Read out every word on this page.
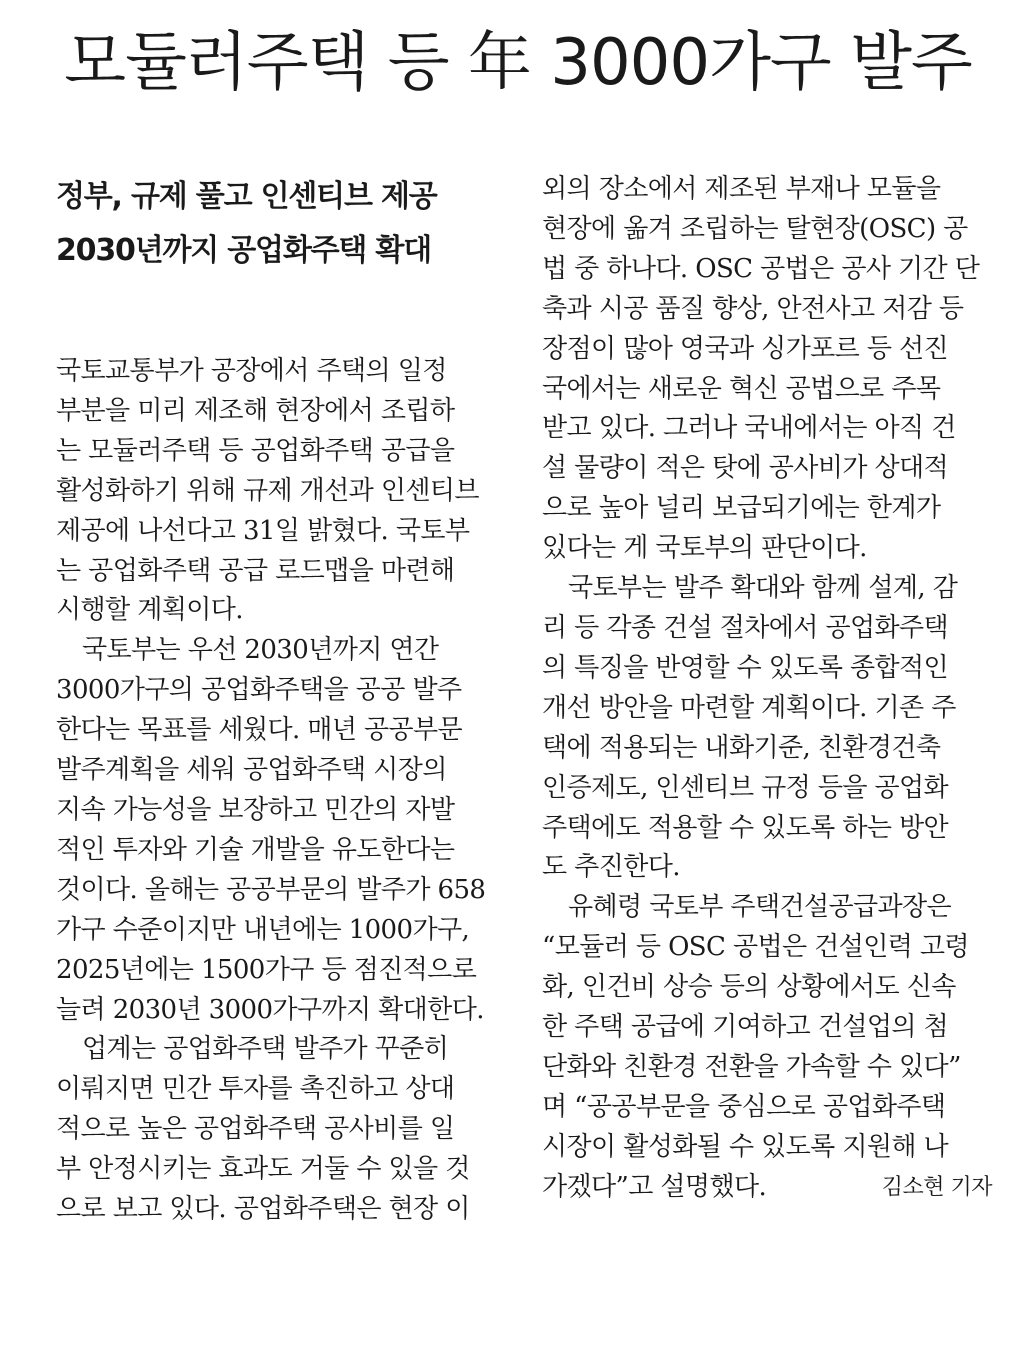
모듈러주택 등 年 3000가구 발주
정부, 규제 풀고 인센티브 제공
2030년까지 공업화주택 확대

국토교통부가 공장에서 주택의 일정
부분을 미리 제조해 현장에서 조립하
는 모듈러주택 등 공업화주택 공급을
활성화하기 위해 규제 개선과 인센티브
제공에 나선다고 31일 밝혔다. 국토부
는 공업화주택 공급 로드맵을 마련해
시행할 계획이다.

국토부는 우선 2030년까지 연간
3000가구의 공업화주택을 공공 발주
한다는 목표를 세웠다. 매년 공공부문
발주계획을 세워 공업화주택 시장의
지속 가능성을 보장하고 민간의 자발
적인 투자와 기술 개발을 유도한다는
것이다. 올해는 공공부문의 발주가 658
가구 수준이지만 내년에는 1000가구,
2025년에는 1500가구 등 점진적으로
늘려 2030년 3000가구까지 확대한다.

업계는 공업화주택 발주가 꾸준히
이뤄지면 민간 투자를 촉진하고 상대
적으로 높은 공업화주택 공사비를 일
부 안정시키는 효과도 거둘 수 있을 것
으로 보고 있다. 공업화주택은 현장 이

외의 장소에서 제조된 부재나 모듈을
현장에 옮겨 조립하는 탈현장(OSC) 공
법 중 하나다. OSC 공법은 공사 기간 단
축과 시공 품질 향상, 안전사고 저감 등
장점이 많아 영국과 싱가포르 등 선진
국에서는 새로운 혁신 공법으로 주목
받고 있다. 그러나 국내에서는 아직 건
설 물량이 적은 탓에 공사비가 상대적
으로 높아 널리 보급되기에는 한계가
있다는 게 국토부의 판단이다.

국토부는 발주 확대와 함께 설계, 감
리 등 각종 건설 절차에서 공업화주택
의 특징을 반영할 수 있도록 종합적인
개선 방안을 마련할 계획이다. 기존 주
택에 적용되는 내화기준, 친환경건축
인증제도, 인센티브 규정 등을 공업화
주택에도 적용할 수 있도록 하는 방안
도 추진한다.

유혜령 국토부 주택건설공급과장은
“모듈러 등 OSC 공법은 건설인력 고령
화, 인건비 상승 등의 상황에서도 신속
한 주택 공급에 기여하고 건설업의 첨
단화와 친환경 전환을 가속할 수 있다”
며 “공공부문을 중심으로 공업화주택
시장이 활성화될 수 있도록 지원해 나
가겠다”고 설명했다.	김소현 기자
